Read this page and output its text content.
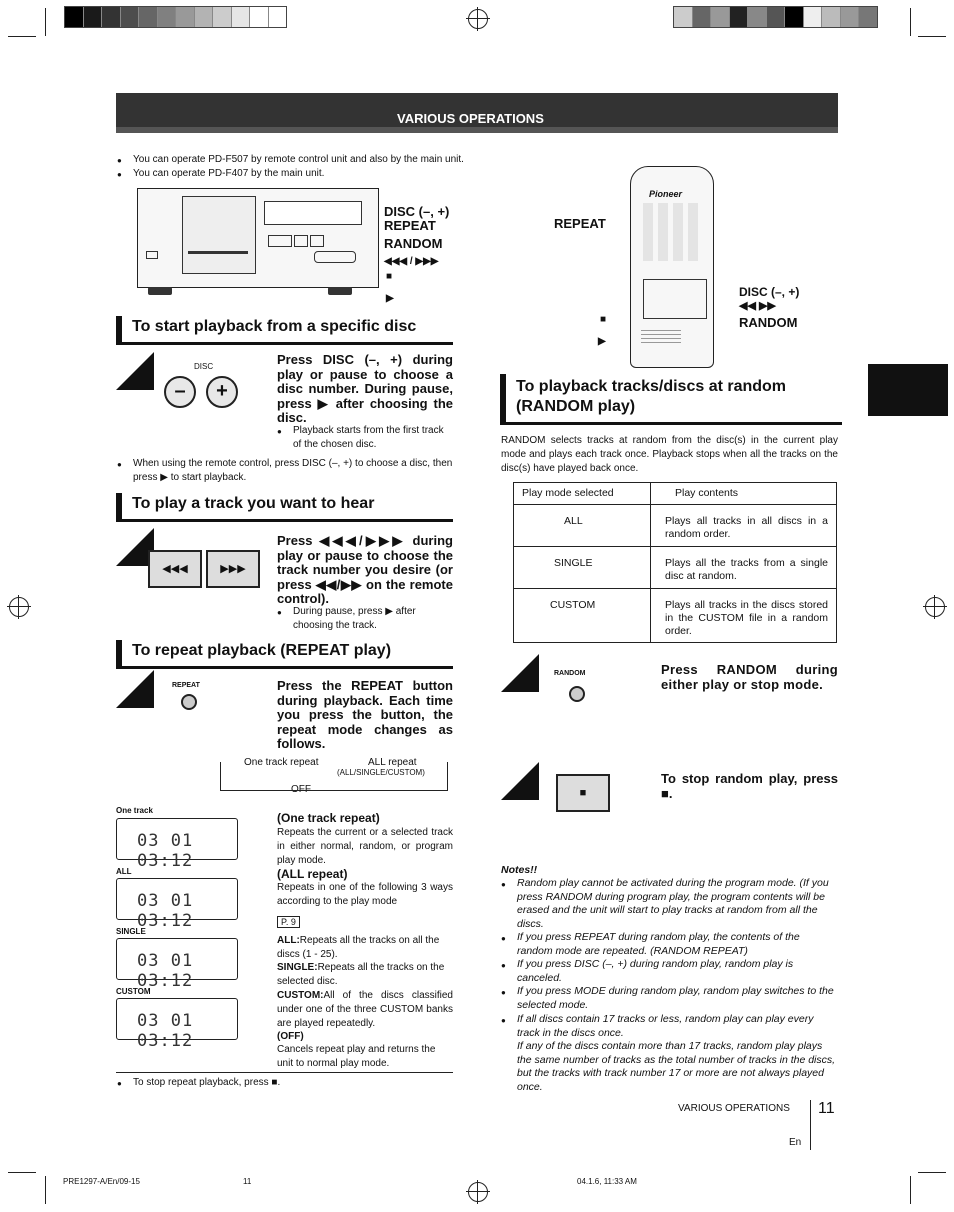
VARIOUS OPERATIONS
● You can operate PD-F507 by remote control unit and also by the main unit.
● You can operate PD-F407 by the main unit.
DISC (–, +)
REPEAT
RANDOM
◀◀◀ / ▶▶▶
■
▶
Pioneer
REPEAT
DISC (–, +)
◀◀ ▶▶
RANDOM
■
▶
To start playback from a specific disc
DISC
–	+
Press DISC (–, +) during play or pause to choose a disc number. During pause, press ▶ after choosing the disc.
● Playback starts from the first track of the chosen disc.
● When using the remote control, press DISC (–, +) to choose a disc, then press ▶ to start playback.
To play a track you want to hear
◀◀◀	▶▶▶
Press ◀◀◀/▶▶▶ during play or pause to choose the track number you desire (or press ◀◀/▶▶ on the remote control).
● During pause, press ▶ after choosing the track.
To repeat playback (REPEAT play)
REPEAT	Press the REPEAT button during playback. Each time you press the button, the repeat mode changes as follows.
One track repeat	ALL repeat
(ALL/SINGLE/CUSTOM)
OFF
One track
03 01 03:12
ALL
03 01 03:12
SINGLE
03 01 03:12
CUSTOM
03 01 03:12
(One track repeat)
Repeats the current or a selected track in either normal, random, or program play mode.
(ALL repeat)
Repeats in one of the following 3 ways according to the play mode
P. 9
ALL:Repeats all the tracks on all the discs (1 - 25).
SINGLE:Repeats all the tracks on the selected disc.
CUSTOM:All of the discs classified under one of the three CUSTOM banks are played repeatedly.
(OFF)
Cancels repeat play and returns the unit to normal play mode.
● To stop repeat playback, press ■.
To playback tracks/discs at random
(RANDOM play)
RANDOM selects tracks at random from the disc(s) in the current play mode and plays each track once. Playback stops when all the tracks on the disc(s) have played back once.
Play mode selected	Play contents
ALL	Plays all tracks in all discs in a random order.
SINGLE	Plays all the tracks from a single disc at random.
CUSTOM	Plays all tracks in the discs stored in the CUSTOM file in a random order.
RANDOM	Press RANDOM during either play or stop mode.
■
To stop random play, press ■.
Notes!!
● Random play cannot be activated during the program mode. (If you press RANDOM during program play, the program contents will be erased and the unit will start to play tracks at random from all the discs.
● If you press REPEAT during random play, the contents of the random mode are repeated. (RANDOM REPEAT)
● If you press DISC (–, +) during random play, random play is canceled.
● If you press MODE during random play, random play switches to the selected mode.
● If all discs contain 17 tracks or less, random play can play every track in the discs once.
If any of the discs contain more than 17 tracks, random play plays the same number of tracks as the total number of tracks in the discs, but the tracks with track number 17 or more are not always played once.
VARIOUS OPERATIONS 11
En
PRE1297-A/En/09-15	11	04.1.6, 11:33 AM
